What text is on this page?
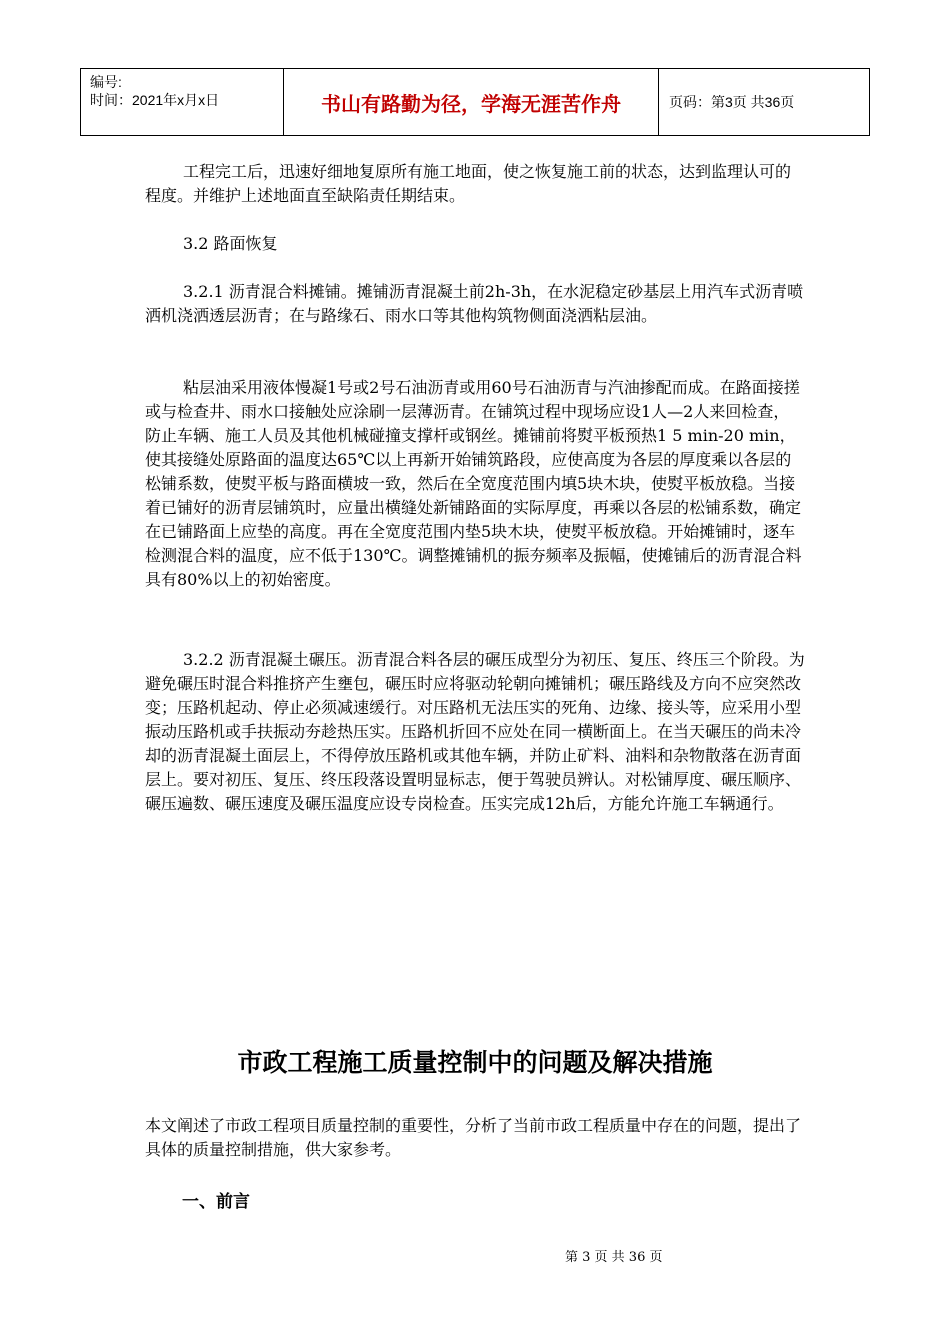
编号:
时间：2021年x月x日	书山有路勤为径，学海无涯苦作舟	页码：第3页 共36页

工程完工后，迅速好细地复原所有施工地面，使之恢复施工前的状态，达到监理认可的程度。并维护上述地面直至缺陷责任期结束。

3.2 路面恢复

3.2.1 沥青混合料摊铺。摊铺沥青混凝土前2h-3h，在水泥稳定砂基层上用汽车式沥青喷洒机浇洒透层沥青；在与路缘石、雨水口等其他构筑物侧面浇洒粘层油。

粘层油采用液体慢凝1号或2号石油沥青或用60号石油沥青与汽油掺配而成。在路面接搓或与检查井、雨水口接触处应涂刷一层薄沥青。在铺筑过程中现场应设1人—2人来回检查，防止车辆、施工人员及其他机械碰撞支撑杆或钢丝。摊铺前将熨平板预热1 5 min-20 min，使其接缝处原路面的温度达65℃以上再新开始铺筑路段，应使高度为各层的厚度乘以各层的松铺系数，使熨平板与路面横坡一致，然后在全宽度范围内填5块木块，使熨平板放稳。当接着已铺好的沥青层铺筑时，应量出横缝处新铺路面的实际厚度，再乘以各层的松铺系数，确定在已铺路面上应垫的高度。再在全宽度范围内垫5块木块，使熨平板放稳。开始摊铺时，逐车检测混合料的温度，应不低于130℃。调整摊铺机的振夯频率及振幅，使摊铺后的沥青混合料具有80%以上的初始密度。

3.2.2 沥青混凝土碾压。沥青混合料各层的碾压成型分为初压、复压、终压三个阶段。为避免碾压时混合料推挤产生壅包，碾压时应将驱动轮朝向摊铺机；碾压路线及方向不应突然改变；压路机起动、停止必须减速缓行。对压路机无法压实的死角、边缘、接头等，应采用小型振动压路机或手扶振动夯趁热压实。压路机折回不应处在同一横断面上。在当天碾压的尚未冷却的沥青混凝土面层上，不得停放压路机或其他车辆，并防止矿料、油料和杂物散落在沥青面层上。要对初压、复压、终压段落设置明显标志，便于驾驶员辨认。对松铺厚度、碾压顺序、碾压遍数、碾压速度及碾压温度应设专岗检查。压实完成12h后，方能允许施工车辆通行。

市政工程施工质量控制中的问题及解决措施

本文阐述了市政工程项目质量控制的重要性，分析了当前市政工程质量中存在的问题，提出了具体的质量控制措施，供大家参考。

一、前言

第 3 页 共 36 页
